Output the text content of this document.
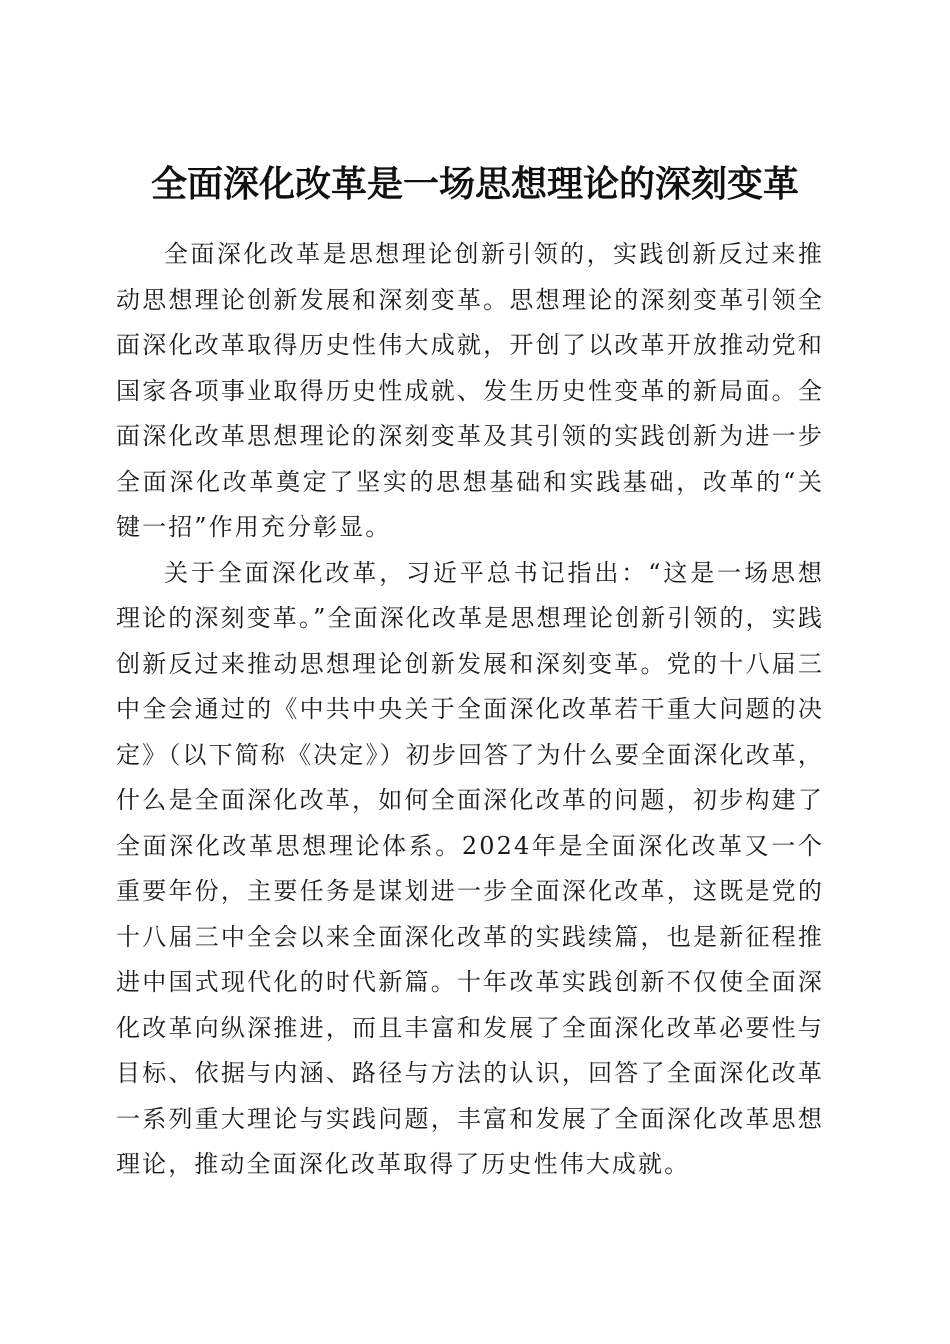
全面深化改革是一场思想理论的深刻变革

全面深化改革是思想理论创新引领的，实践创新反过来推动思想理论创新发展和深刻变革。思想理论的深刻变革引领全面深化改革取得历史性伟大成就，开创了以改革开放推动党和国家各项事业取得历史性成就、发生历史性变革的新局面。全面深化改革思想理论的深刻变革及其引领的实践创新为进一步全面深化改革奠定了坚实的思想基础和实践基础，改革的“关键一招”作用充分彰显。

关于全面深化改革，习近平总书记指出：“这是一场思想理论的深刻变革。”全面深化改革是思想理论创新引领的，实践创新反过来推动思想理论创新发展和深刻变革。党的十八届三中全会通过的《中共中央关于全面深化改革若干重大问题的决定》（以下简称《决定》）初步回答了为什么要全面深化改革，什么是全面深化改革，如何全面深化改革的问题，初步构建了全面深化改革思想理论体系。2024年是全面深化改革又一个重要年份，主要任务是谋划进一步全面深化改革，这既是党的十八届三中全会以来全面深化改革的实践续篇，也是新征程推进中国式现代化的时代新篇。十年改革实践创新不仅使全面深化改革向纵深推进，而且丰富和发展了全面深化改革必要性与目标、依据与内涵、路径与方法的认识，回答了全面深化改革一系列重大理论与实践问题，丰富和发展了全面深化改革思想理论，推动全面深化改革取得了历史性伟大成就。
